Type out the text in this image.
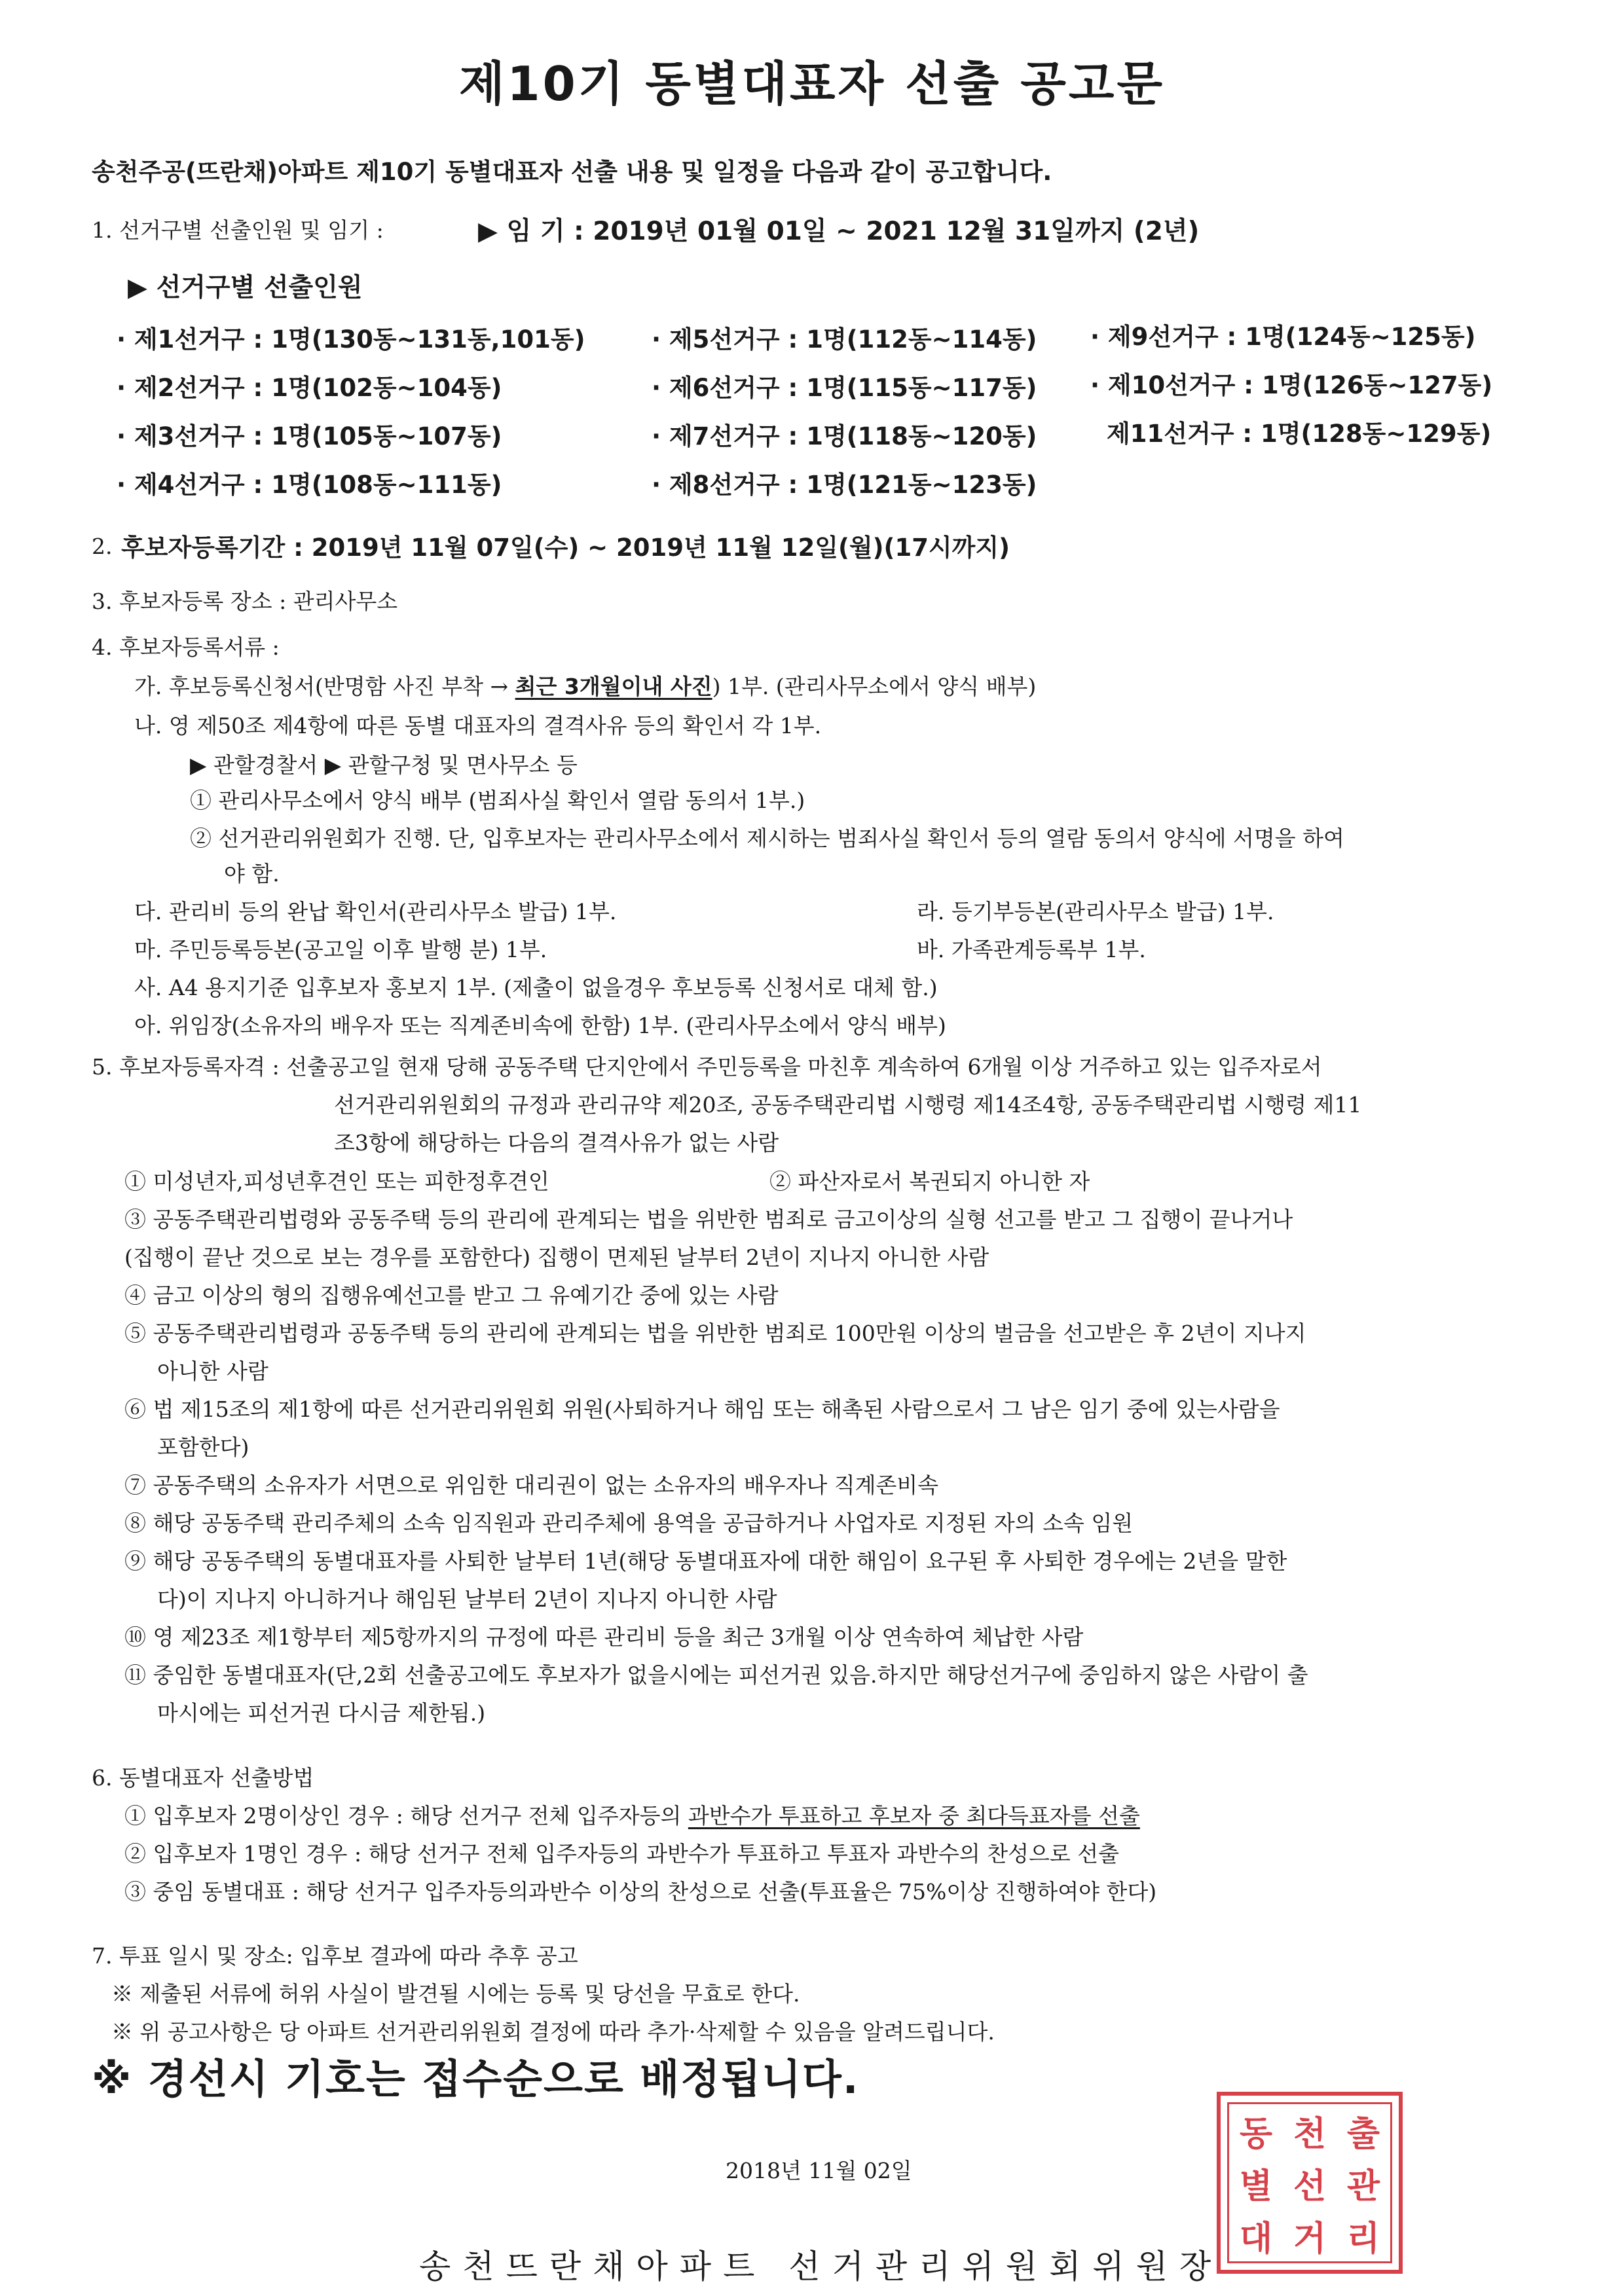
제10기 동별대표자 선출 공고문
송천주공(뜨란채)아파트 제10기 동별대표자 선출 내용 및 일정을 다음과 같이 공고합니다.
1. 선거구별 선출인원 및 임기 :	▶ 임 기 : 2019년 01월 01일 ~ 2021 12월 31일까지 (2년)
▶ 선거구별 선출인원
· 제1선거구 : 1명(130동~131동,101동)
· 제2선거구 : 1명(102동~104동)
· 제3선거구 : 1명(105동~107동)
· 제4선거구 : 1명(108동~111동)
· 제5선거구 : 1명(112동~114동)
· 제6선거구 : 1명(115동~117동)
· 제7선거구 : 1명(118동~120동)
· 제8선거구 : 1명(121동~123동)
· 제9선거구 : 1명(124동~125동)
· 제10선거구 : 1명(126동~127동)
제11선거구 : 1명(128동~129동)
2. 후보자등록기간 : 2019년 11월 07일(수) ~ 2019년 11월 12일(월)(17시까지)
3. 후보자등록 장소 : 관리사무소
4. 후보자등록서류 :
가. 후보등록신청서(반명함 사진 부착 → 최근 3개월이내 사진) 1부. (관리사무소에서 양식 배부)
나. 영 제50조 제4항에 따른 동별 대표자의 결격사유 등의 확인서 각 1부.
▶ 관할경찰서 ▶ 관할구청 및 면사무소 등
① 관리사무소에서 양식 배부 (범죄사실 확인서 열람 동의서 1부.)
② 선거관리위원회가 진행. 단, 입후보자는 관리사무소에서 제시하는 범죄사실 확인서 등의 열람 동의서 양식에 서명을 하여
야 함.
다. 관리비 등의 완납 확인서(관리사무소 발급) 1부.	라. 등기부등본(관리사무소 발급) 1부.
마. 주민등록등본(공고일 이후 발행 분) 1부.	바. 가족관계등록부 1부.
사. A4 용지기준 입후보자 홍보지 1부. (제출이 없을경우 후보등록 신청서로 대체 함.)
아. 위임장(소유자의 배우자 또는 직계존비속에 한함) 1부. (관리사무소에서 양식 배부)
5. 후보자등록자격 : 선출공고일 현재 당해 공동주택 단지안에서 주민등록을 마친후 계속하여 6개월 이상 거주하고 있는 입주자로서
선거관리위원회의 규정과 관리규약 제20조, 공동주택관리법 시행령 제14조4항, 공동주택관리법 시행령 제11
조3항에 해당하는 다음의 결격사유가 없는 사람
① 미성년자,피성년후견인 또는 피한정후견인	② 파산자로서 복권되지 아니한 자
③ 공동주택관리법령와 공동주택 등의 관리에 관계되는 법을 위반한 범죄로 금고이상의 실형 선고를 받고 그 집행이 끝나거나
(집행이 끝난 것으로 보는 경우를 포함한다) 집행이 면제된 날부터 2년이 지나지 아니한 사람
④ 금고 이상의 형의 집행유예선고를 받고 그 유예기간 중에 있는 사람
⑤ 공동주택관리법령과 공동주택 등의 관리에 관계되는 법을 위반한 범죄로 100만원 이상의 벌금을 선고받은 후 2년이 지나지
아니한 사람
⑥ 법 제15조의 제1항에 따른 선거관리위원회 위원(사퇴하거나 해임 또는 해촉된 사람으로서 그 남은 임기 중에 있는사람을
포함한다)
⑦ 공동주택의 소유자가 서면으로 위임한 대리권이 없는 소유자의 배우자나 직계존비속
⑧ 해당 공동주택 관리주체의 소속 임직원과 관리주체에 용역을 공급하거나 사업자로 지정된 자의 소속 임원
⑨ 해당 공동주택의 동별대표자를 사퇴한 날부터 1년(해당 동별대표자에 대한 해임이 요구된 후 사퇴한 경우에는 2년을 말한
다)이 지나지 아니하거나 해임된 날부터 2년이 지나지 아니한 사람
⑩ 영 제23조 제1항부터 제5항까지의 규정에 따른 관리비 등을 최근 3개월 이상 연속하여 체납한 사람
⑪ 중임한 동별대표자(단,2회 선출공고에도 후보자가 없을시에는 피선거권 있음.하지만 해당선거구에 중임하지 않은 사람이 출
마시에는 피선거권 다시금 제한됨.)
6. 동별대표자 선출방법
① 입후보자 2명이상인 경우 : 해당 선거구 전체 입주자등의 과반수가 투표하고 후보자 중 최다득표자를 선출
② 입후보자 1명인 경우 : 해당 선거구 전체 입주자등의 과반수가 투표하고 투표자 과반수의 찬성으로 선출
③ 중임 동별대표 : 해당 선거구 입주자등의과반수 이상의 찬성으로 선출(투표율은 75%이상 진행하여야 한다)
7. 투표 일시 및 장소: 입후보 결과에 따라 추후 공고
※ 제출된 서류에 허위 사실이 발견될 시에는 등록 및 당선을 무효로 한다.
※ 위 공고사항은 당 아파트 선거관리위원회 결정에 따라 추가·삭제할 수 있음을 알려드립니다.
※ 경선시 기호는 접수순으로 배정됩니다.
2018년 11월 02일
송천뜨란채아파트 선거관리위원회위원장
동 천 출
별 선 관
대 거 리
